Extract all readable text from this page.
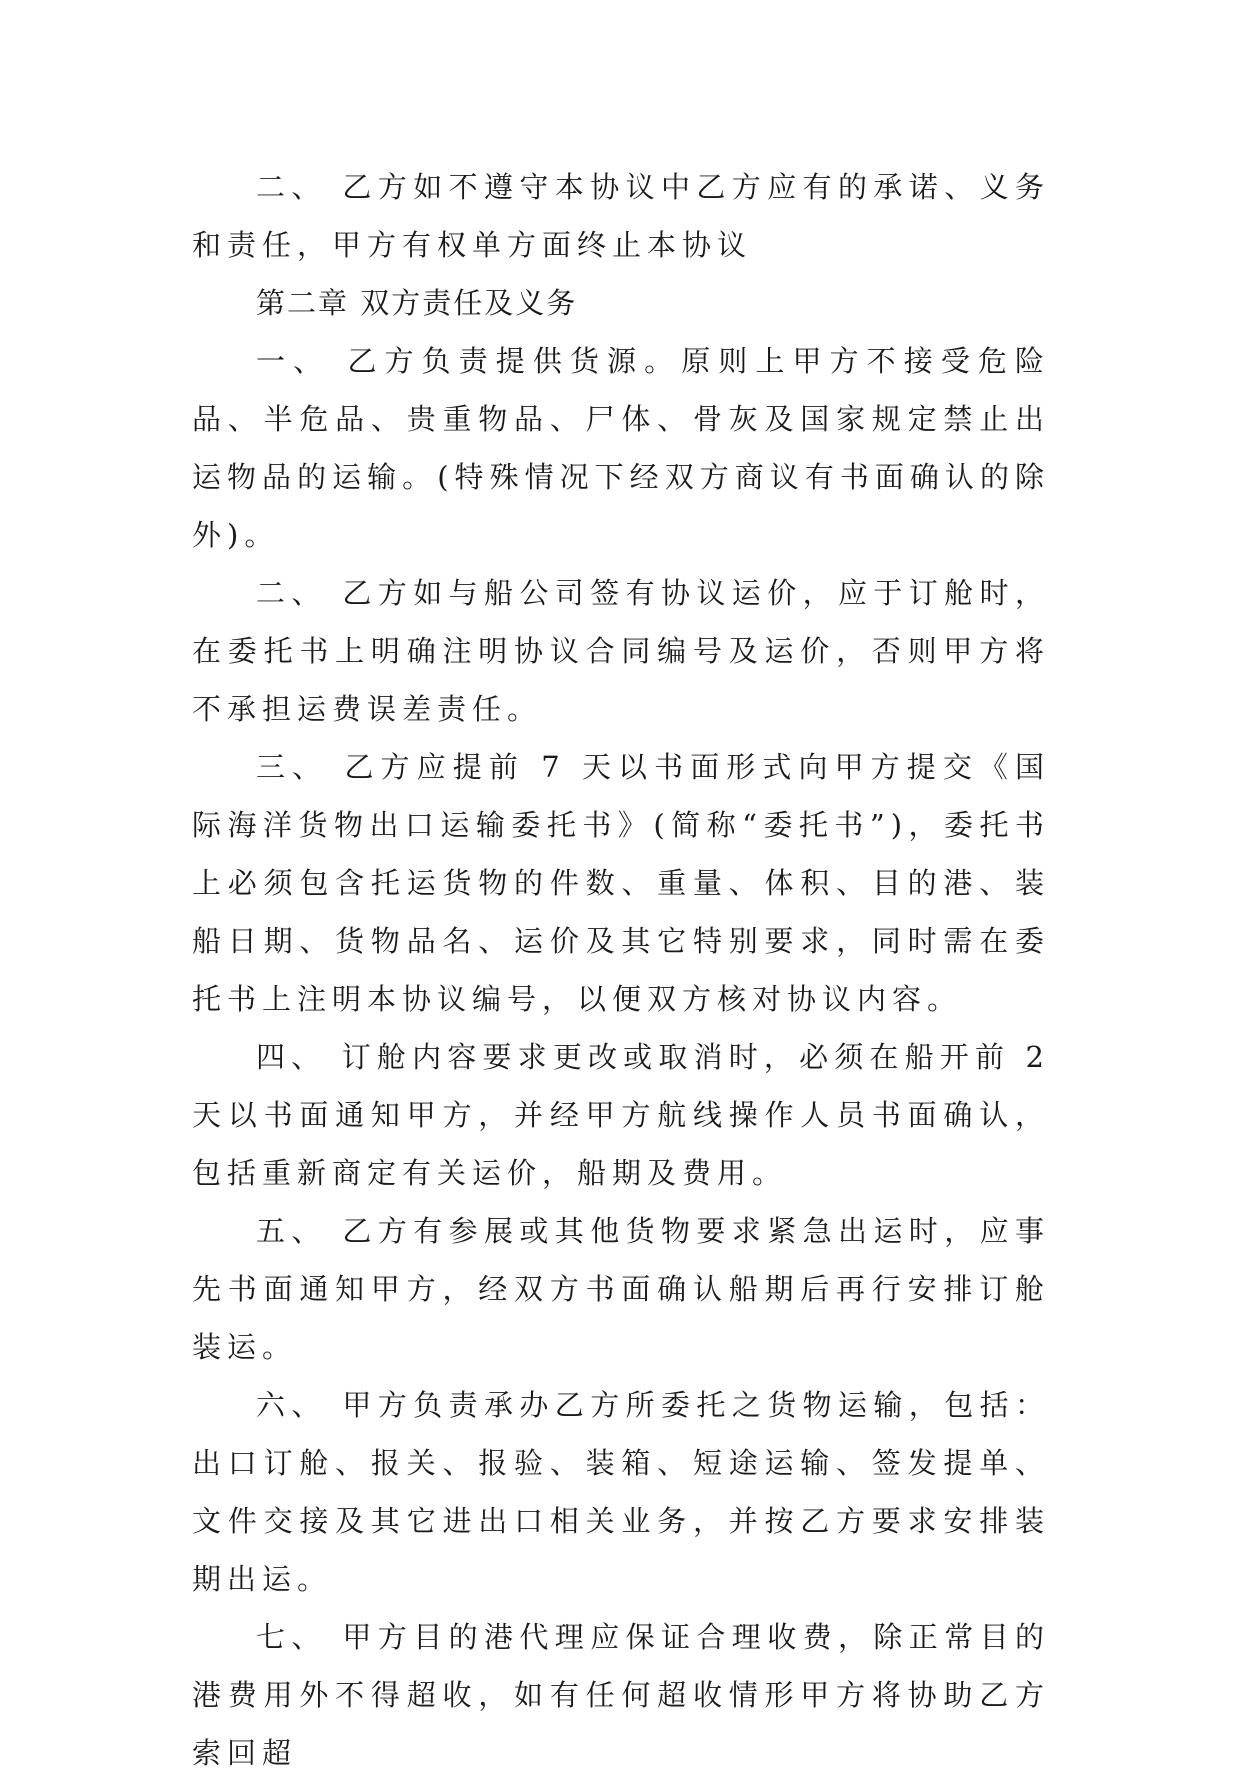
二、 乙方如不遵守本协议中乙方应有的承诺、义务和责任，甲方有权单方面终止本协议

第二章 双方责任及义务

一、 乙方负责提供货源。原则上甲方不接受危险品、半危品、贵重物品、尸体、骨灰及国家规定禁止出运物品的运输。(特殊情况下经双方商议有书面确认的除外)。

二、 乙方如与船公司签有协议运价，应于订舱时，在委托书上明确注明协议合同编号及运价，否则甲方将不承担运费误差责任。

三、 乙方应提前 7 天以书面形式向甲方提交《国际海洋货物出口运输委托书》(简称“委托书”)，委托书上必须包含托运货物的件数、重量、体积、目的港、装船日期、货物品名、运价及其它特别要求，同时需在委托书上注明本协议编号，以便双方核对协议内容。

四、 订舱内容要求更改或取消时，必须在船开前 2 天以书面通知甲方，并经甲方航线操作人员书面确认，包括重新商定有关运价，船期及费用。

五、 乙方有参展或其他货物要求紧急出运时，应事先书面通知甲方，经双方书面确认船期后再行安排订舱装运。

六、 甲方负责承办乙方所委托之货物运输，包括：出口订舱、报关、报验、装箱、短途运输、签发提单、文件交接及其它进出口相关业务，并按乙方要求安排装期出运。

七、 甲方目的港代理应保证合理收费，除正常目的港费用外不得超收，如有任何超收情形甲方将协助乙方索回超
